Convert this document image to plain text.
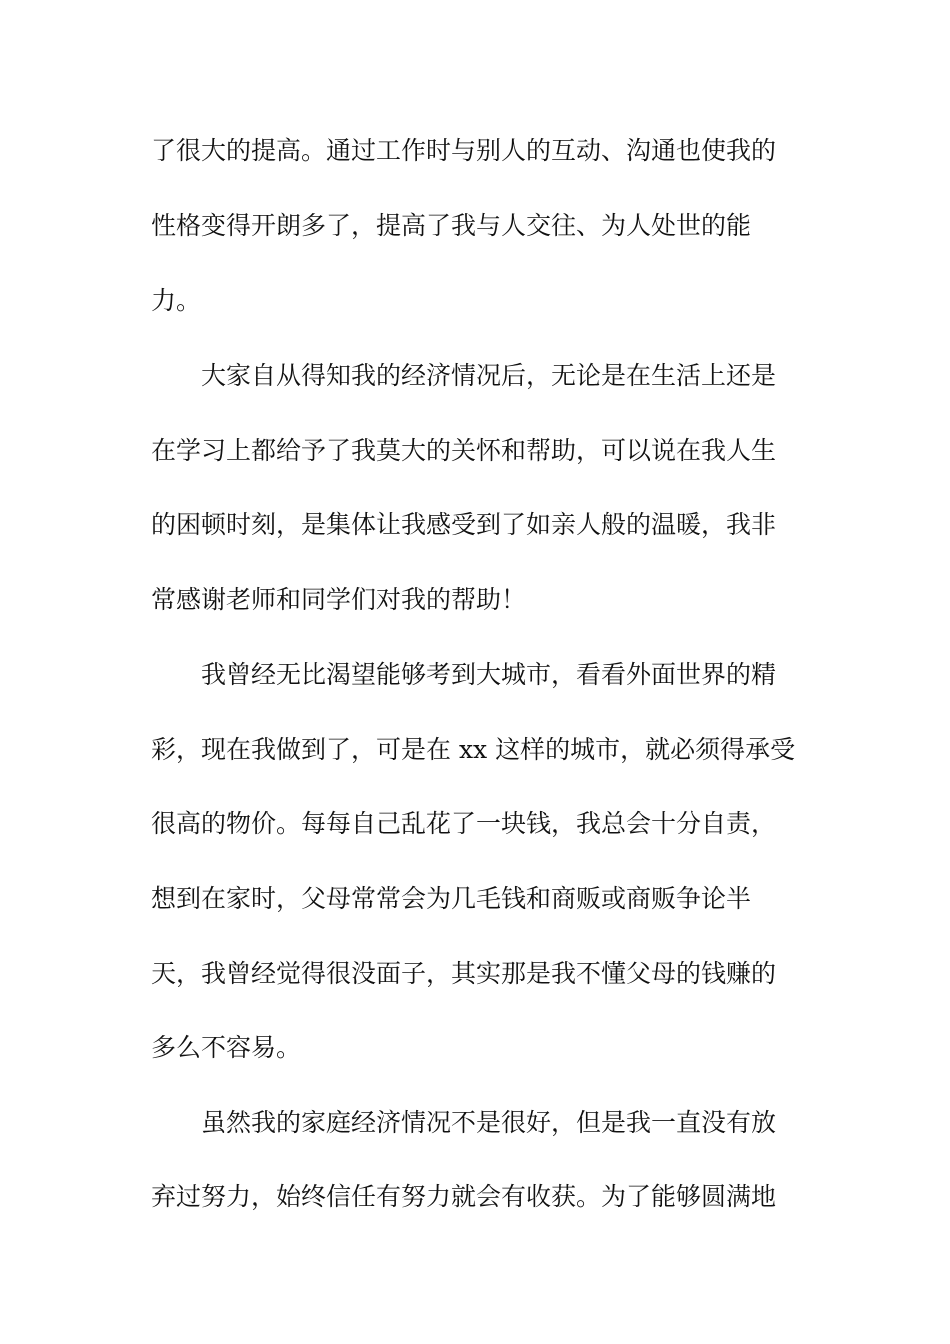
了很大的提高。通过工作时与别人的互动、沟通也使我的
性格变得开朗多了，提高了我与人交往、为人处世的能
力。
大家自从得知我的经济情况后，无论是在生活上还是
在学习上都给予了我莫大的关怀和帮助，可以说在我人生
的困顿时刻，是集体让我感受到了如亲人般的温暖，我非
常感谢老师和同学们对我的帮助！
我曾经无比渴望能够考到大城市，看看外面世界的精
彩，现在我做到了，可是在 xx 这样的城市，就必须得承受
很高的物价。每每自己乱花了一块钱，我总会十分自责，
想到在家时，父母常常会为几毛钱和商贩或商贩争论半
天，我曾经觉得很没面子，其实那是我不懂父母的钱赚的
多么不容易。
虽然我的家庭经济情况不是很好，但是我一直没有放
弃过努力，始终信任有努力就会有收获。为了能够圆满地
